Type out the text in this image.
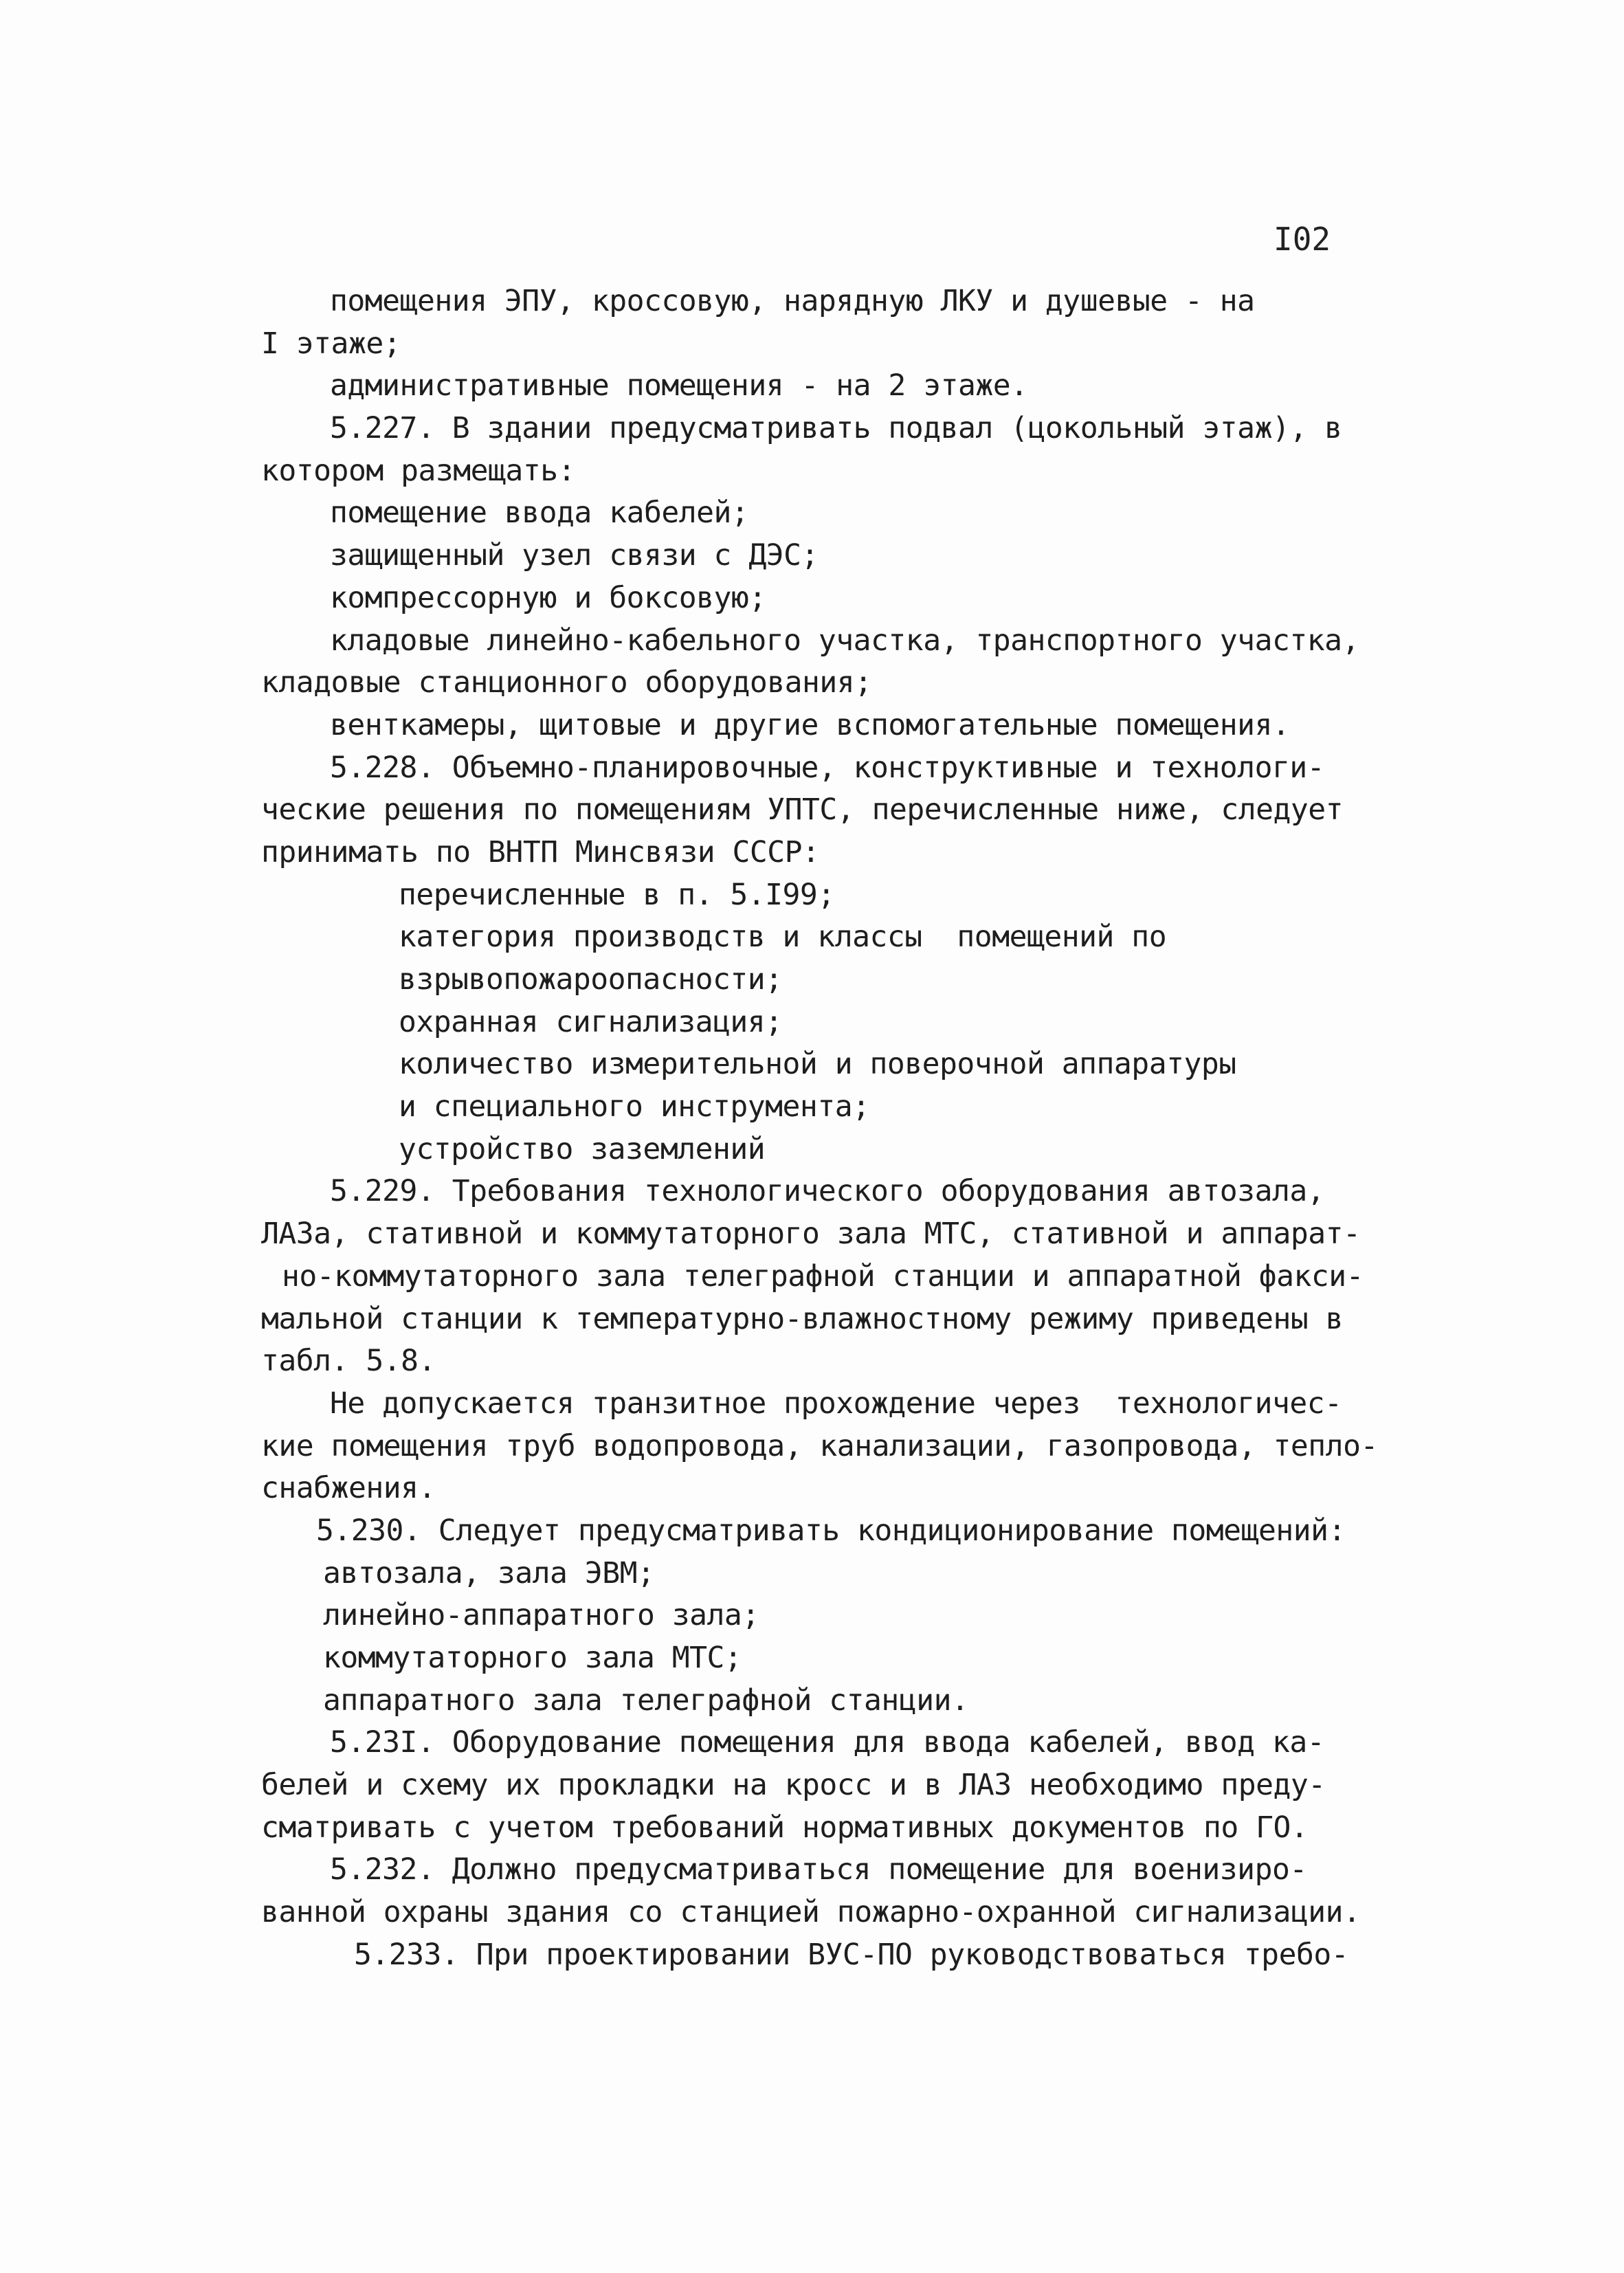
I02
помещения ЭПУ, кроссовую, нарядную ЛКУ и душевые - на
I этаже;
административные помещения - на 2 этаже.
5.227. В здании предусматривать подвал (цокольный этаж), в
котором размещать:
помещение ввода кабелей;
защищенный узел связи с ДЭС;
компрессорную и боксовую;
кладовые линейно-кабельного участка, транспортного участка,
кладовые станционного оборудования;
венткамеры, щитовые и другие вспомогательные помещения.
5.228. Объемно-планировочные, конструктивные и технологи-
ческие решения по помещениям УПТС, перечисленные ниже, следует
принимать по ВНТП Минсвязи СССР:
перечисленные в п. 5.I99;
категория производств и классы  помещений по
взрывопожароопасности;
охранная сигнализация;
количество измерительной и поверочной аппаратуры
и специального инструмента;
устройство заземлений
5.229. Требования технологического оборудования автозала,
ЛАЗа, стативной и коммутаторного зала МТС, стативной и аппарат-
но-коммутаторного зала телеграфной станции и аппаратной факси-
мальной станции к температурно-влажностному режиму приведены в
табл. 5.8.
Не допускается транзитное прохождение через  технологичес-
кие помещения труб водопровода, канализации, газопровода, тепло-
снабжения.
5.230. Следует предусматривать кондиционирование помещений:
автозала, зала ЭВМ;
линейно-аппаратного зала;
коммутаторного зала МТС;
аппаратного зала телеграфной станции.
5.23I. Оборудование помещения для ввода кабелей, ввод ка-
белей и схему их прокладки на кросс и в ЛАЗ необходимо преду-
сматривать с учетом требований нормативных документов по ГО.
5.232. Должно предусматриваться помещение для военизиро-
ванной охраны здания со станцией пожарно-охранной сигнализации.
5.233. При проектировании ВУС-ПО руководствоваться требо-
